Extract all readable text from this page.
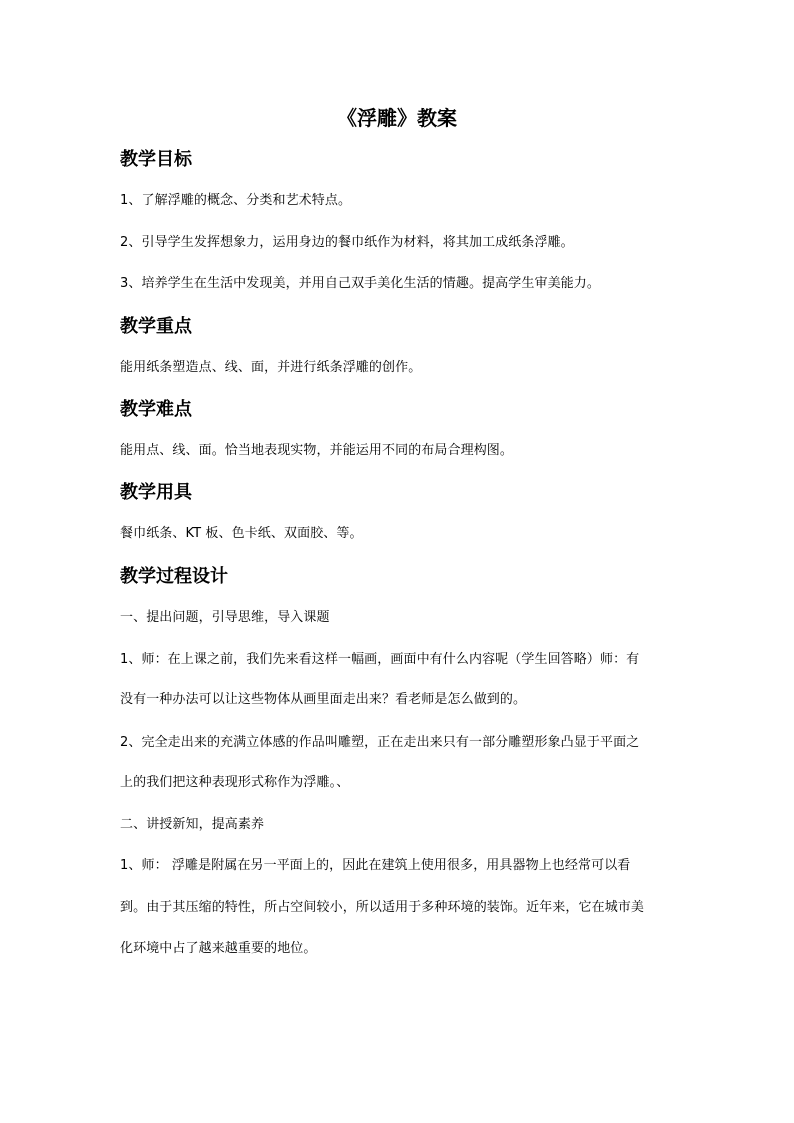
《浮雕》教案
教学目标
1、了解浮雕的概念、分类和艺术特点。
2、引导学生发挥想象力，运用身边的餐巾纸作为材料，将其加工成纸条浮雕。
3、培养学生在生活中发现美，并用自己双手美化生活的情趣。提高学生审美能力。
教学重点
能用纸条塑造点、线、面，并进行纸条浮雕的创作。
教学难点
能用点、线、面。恰当地表现实物，并能运用不同的布局合理构图。
教学用具
餐巾纸条、KT 板、色卡纸、双面胶、等。
教学过程设计
一、提出问题，引导思维，导入课题
1、师：在上课之前，我们先来看这样一幅画，画面中有什么内容呢（学生回答略）师：有
没有一种办法可以让这些物体从画里面走出来？看老师是怎么做到的。
2、完全走出来的充满立体感的作品叫雕塑，正在走出来只有一部分雕塑形象凸显于平面之
上的我们把这种表现形式称作为浮雕。、
二、讲授新知，提高素养
1、师： 浮雕是附属在另一平面上的，因此在建筑上使用很多，用具器物上也经常可以看
到。由于其压缩的特性，所占空间较小，所以适用于多种环境的装饰。近年来，它在城市美
化环境中占了越来越重要的地位。
